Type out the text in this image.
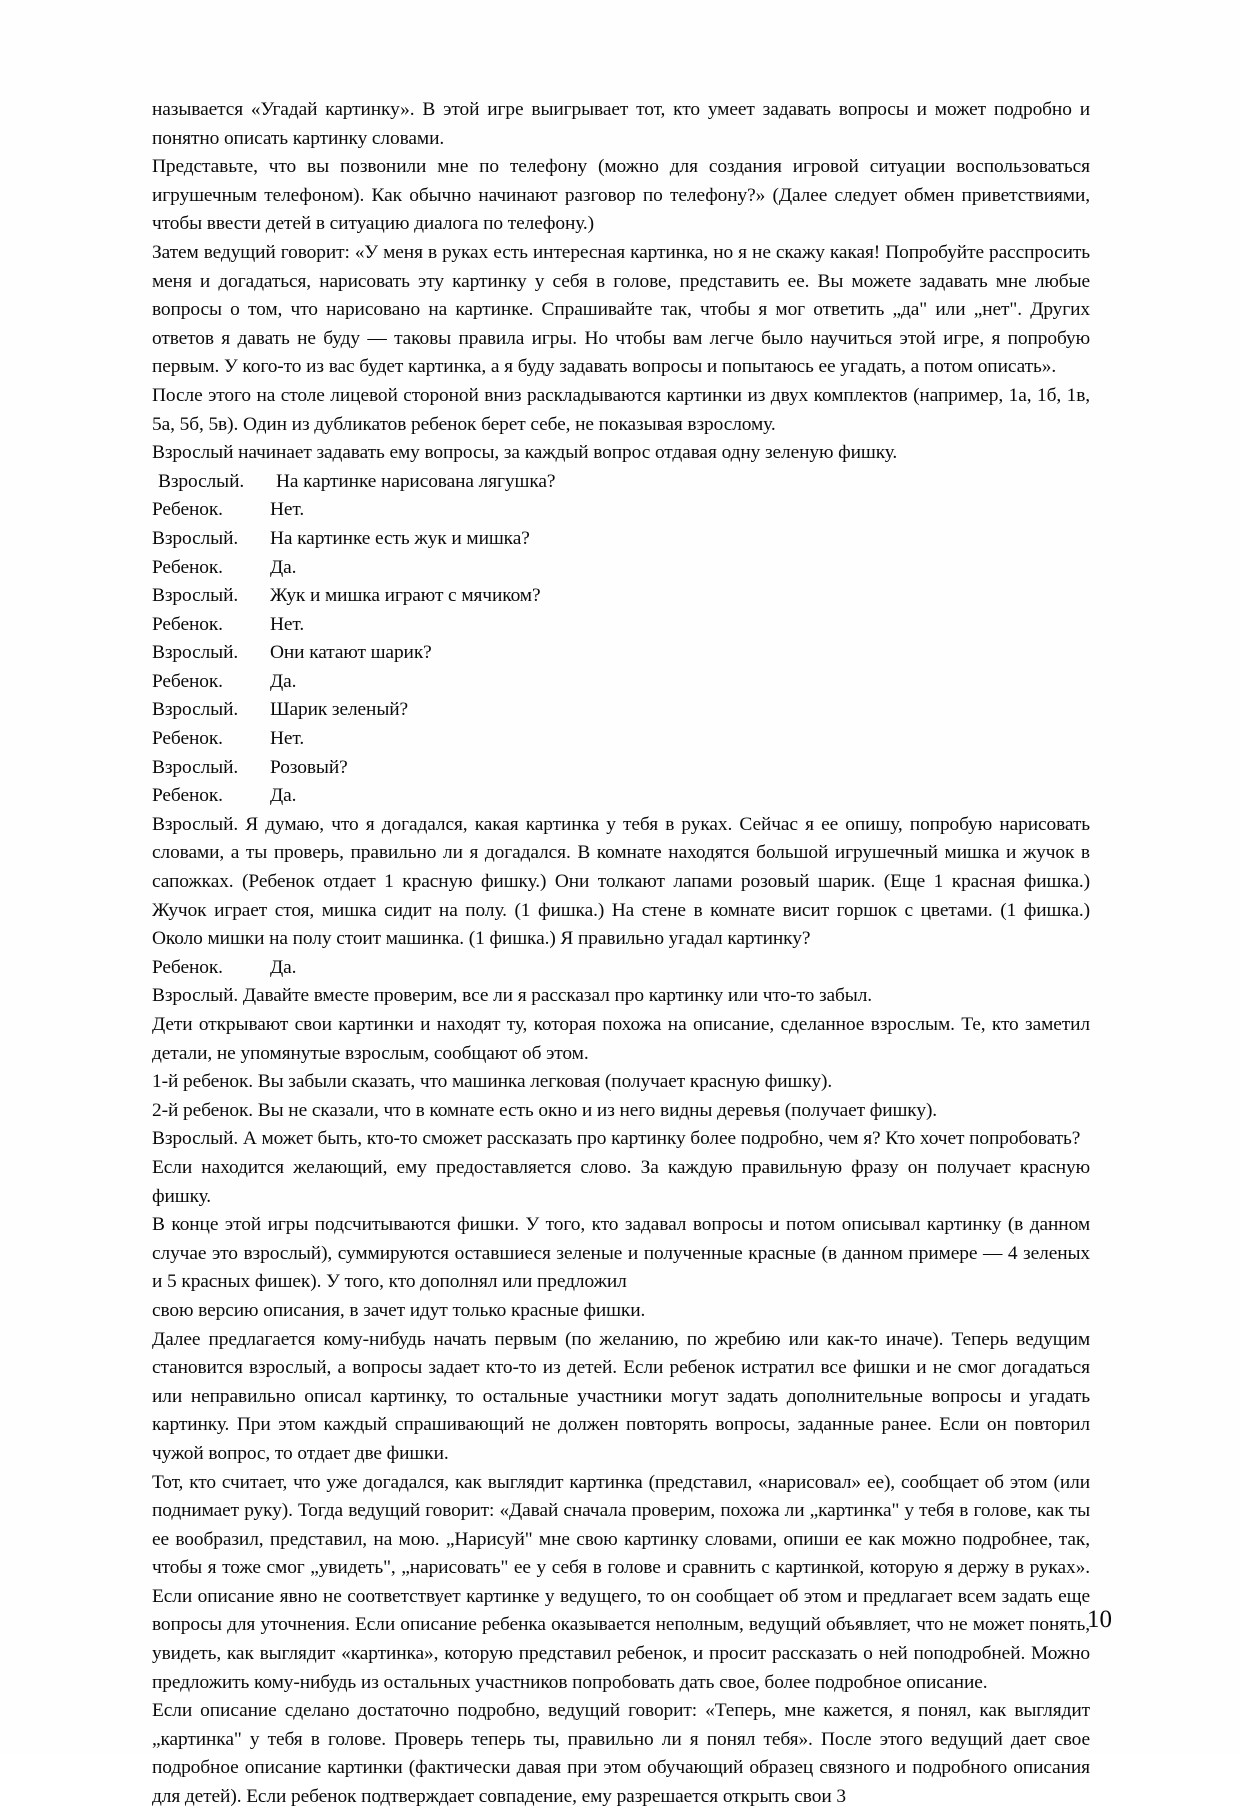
называется «Угадай картинку». В этой игре выигрывает тот, кто умеет задавать вопросы и может подробно и понятно описать картинку словами.

Представьте, что вы позвонили мне по телефону (можно для создания игровой ситуации воспользоваться игрушечным телефоном). Как обычно начинают разговор по телефону?» (Далее следует обмен приветствиями, чтобы ввести детей в ситуацию диалога по телефону.)

Затем ведущий говорит: «У меня в руках есть интересная картинка, но я не скажу какая! Попробуйте расспросить меня и догадаться, нарисовать эту картинку у себя в голове, представить ее. Вы можете задавать мне любые вопросы о том, что нарисовано на картинке. Спрашивайте так, чтобы я мог ответить „да" или „нет". Других ответов я давать не буду — таковы правила игры. Но чтобы вам легче было научиться этой игре, я попробую первым. У кого-то из вас будет картинка, а я буду задавать вопросы и попытаюсь ее угадать, а потом описать».

После этого на столе лицевой стороной вниз раскладываются картинки из двух комплектов (например, 1а, 1б, 1в, 5а, 5б, 5в). Один из дубликатов ребенок берет себе, не показывая взрослому.

Взрослый начинает задавать ему вопросы, за каждый вопрос отдавая одну зеленую фишку.

Взрослый. На картинке нарисована лягушка?

Ребенок. Нет.

Взрослый. На картинке есть жук и мишка?

Ребенок. Да.

Взрослый. Жук и мишка играют с мячиком?

Ребенок. Нет.

Взрослый. Они катают шарик?

Ребенок. Да.

Взрослый. Шарик зеленый?

Ребенок. Нет.

Взрослый. Розовый?

Ребенок. Да.

Взрослый. Я думаю, что я догадался, какая картинка у тебя в руках. Сейчас я ее опишу, попробую нарисовать словами, а ты проверь, правильно ли я догадался. В комнате находятся большой игрушечный мишка и жучок в сапожках. (Ребенок отдает 1 красную фишку.) Они толкают лапами розовый шарик. (Еще 1 красная фишка.) Жучок играет стоя, мишка сидит на полу. (1 фишка.) На стене в комнате висит горшок с цветами. (1 фишка.) Около мишки на полу стоит машинка. (1 фишка.) Я правильно угадал картинку?

Ребенок. Да.

Взрослый. Давайте вместе проверим, все ли я рассказал про картинку или что-то забыл.

Дети открывают свои картинки и находят ту, которая похожа на описание, сделанное взрослым. Те, кто заметил детали, не упомянутые взрослым, сообщают об этом.

1-й ребенок. Вы забыли сказать, что машинка легковая (получает красную фишку).

2-й ребенок. Вы не сказали, что в комнате есть окно и из него видны деревья (получает фишку).

Взрослый. А может быть, кто-то сможет рассказать про картинку более подробно, чем я? Кто хочет попробовать?

Если находится желающий, ему предоставляется слово. За каждую правильную фразу он получает красную фишку.

В конце этой игры подсчитываются фишки. У того, кто задавал вопросы и потом описывал картинку (в данном случае это взрослый), суммируются оставшиеся зеленые и полученные красные (в данном примере — 4 зеленых и 5 красных фишек). У того, кто дополнял или предложил

свою версию описания, в зачет идут только красные фишки.

Далее предлагается кому-нибудь начать первым (по желанию, по жребию или как-то иначе). Теперь ведущим становится взрослый, а вопросы задает кто-то из детей. Если ребенок истратил все фишки и не смог догадаться или неправильно описал картинку, то остальные участники могут задать дополнительные вопросы и угадать картинку. При этом каждый спрашивающий не должен повторять вопросы, заданные ранее. Если он повторил чужой вопрос, то отдает две фишки.

Тот, кто считает, что уже догадался, как выглядит картинка (представил, «нарисовал» ее), сообщает об этом (или поднимает руку). Тогда ведущий говорит: «Давай сначала проверим, похожа ли „картинка" у тебя в голове, как ты ее вообразил, представил, на мою. „Нарисуй" мне свою картинку словами, опиши ее как можно подробнее, так, чтобы я тоже смог „увидеть", „нарисовать" ее у себя в голове и сравнить с картинкой, которую я держу в руках». Если описание явно не соответствует картинке у ведущего, то он сообщает об этом и предлагает всем задать еще вопросы для уточнения. Если описание ребенка оказывается неполным, ведущий объявляет, что не может понять, увидеть, как выглядит «картинка», которую представил ребенок, и просит рассказать о ней поподробней. Можно предложить кому-нибудь из остальных участников попробовать дать свое, более подробное описание.

Если описание сделано достаточно подробно, ведущий говорит: «Теперь, мне кажется, я понял, как выглядит „картинка" у тебя в голове. Проверь теперь ты, правильно ли я понял тебя». После этого ведущий дает свое подробное описание картинки (фактически давая при этом обучающий образец связного и подробного описания для детей). Если ребенок подтверждает совпадение, ему разрешается открыть свои 3

10
